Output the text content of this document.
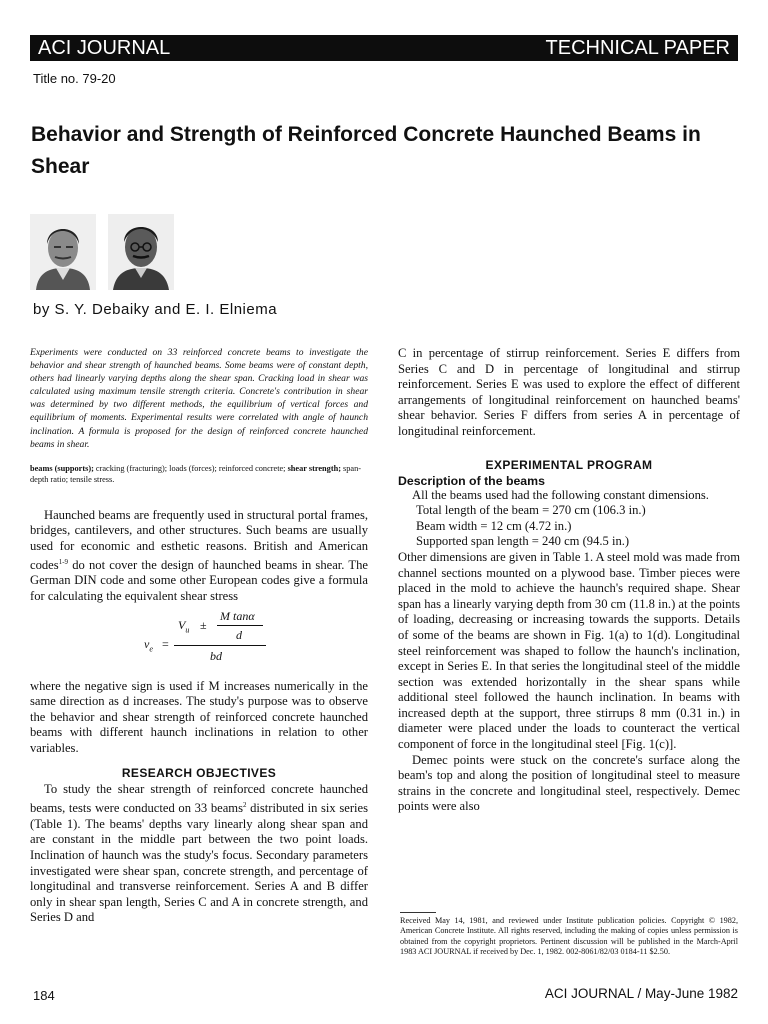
ACI JOURNAL	TECHNICAL PAPER
Title no. 79-20
Behavior and Strength of Reinforced Concrete Haunched Beams in Shear
by S. Y. Debaiky and E. I. Elniema

Experiments were conducted on 33 reinforced concrete beams to investigate the behavior and shear strength of haunched beams. Some beams were of constant depth, others had linearly varying depths along the shear span. Cracking load in shear was calculated using maximum tensile strength criteria. Concrete's contribution in shear was determined by two different methods, the equilibrium of vertical forces and equilibrium of moments. Experimental results were correlated with angle of haunch inclination. A formula is proposed for the design of reinforced concrete haunched beams in shear.

beams (supports); cracking (fracturing); loads (forces); reinforced concrete; shear strength; span-depth ratio; tensile stress.

Haunched beams are frequently used in structural portal frames, bridges, cantilevers, and other structures. Such beams are usually used for economic and esthetic reasons. British and American codes$^{1-9}$ do not cover the design of haunched beams in shear. The German DIN code and some other European codes give a formula for calculating the equivalent shear stress

M tanα
$V_u$ ±
d
$v_e$ =
bd

where the negative sign is used if M increases numerically in the same direction as d increases. The study's purpose was to observe the behavior and shear strength of reinforced concrete haunched beams with different haunch inclinations in relation to other variables.

RESEARCH OBJECTIVES

To study the shear strength of reinforced concrete haunched beams, tests were conducted on 33 beams$^2$ distributed in six series (Table 1). The beams' depths vary linearly along shear span and are constant in the middle part between the two point loads. Inclination of haunch was the study's focus. Secondary parameters investigated were shear span, concrete strength, and percentage of longitudinal and transverse reinforcement. Series A and B differ only in shear span length, Series C and A in concrete strength, and Series D and

C in percentage of stirrup reinforcement. Series E differs from Series C and D in percentage of longitudinal and stirrup reinforcement. Series E was used to explore the effect of different arrangements of longitudinal reinforcement on haunched beams' shear behavior. Series F differs from series A in percentage of longitudinal reinforcement.

EXPERIMENTAL PROGRAM

Description of the beams

All the beams used had the following constant dimensions.

Total length of the beam = 270 cm (106.3 in.)

Beam width = 12 cm (4.72 in.)

Supported span length = 240 cm (94.5 in.)

Other dimensions are given in Table 1. A steel mold was made from channel sections mounted on a plywood base. Timber pieces were placed in the mold to achieve the haunch's required shape. Shear span has a linearly varying depth from 30 cm (11.8 in.) at the points of loading, decreasing or increasing towards the supports. Details of some of the beams are shown in Fig. 1(a) to 1(d). Longitudinal steel reinforcement was shaped to follow the haunch's inclination, except in Series E. In that series the longitudinal steel of the middle section was extended horizontally in the shear spans while additional steel followed the haunch inclination. In beams with increased depth at the support, three stirrups 8 mm (0.31 in.) in diameter were placed under the loads to counteract the vertical component of force in the longitudinal steel [Fig. 1(c)].

Demec points were stuck on the concrete's surface along the beam's top and along the position of longitudinal steel to measure strains in the concrete and longitudinal steel, respectively. Demec points were also

Received May 14, 1981, and reviewed under Institute publication policies. Copyright © 1982, American Concrete Institute. All rights reserved, including the making of copies unless permission is obtained from the copyright proprietors. Pertinent discussion will be published in the March-April 1983 ACI JOURNAL if received by Dec. 1, 1982. 002-8061/82/03 0184-11 $2.50.
184	ACI JOURNAL / May-June 1982
